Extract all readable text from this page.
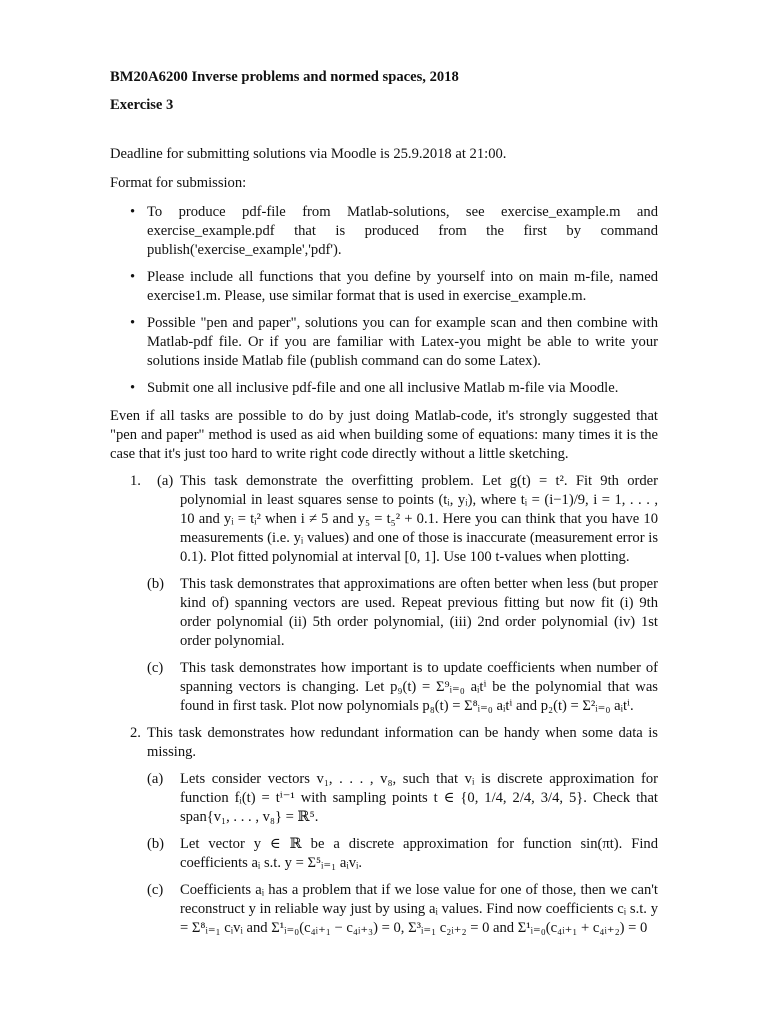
BM20A6200 Inverse problems and normed spaces, 2018
Exercise 3

Deadline for submitting solutions via Moodle is 25.9.2018 at 21:00.

Format for submission:

• To produce pdf-file from Matlab-solutions, see exercise_example.m and exercise_example.pdf that is produced from the first by command publish('exercise_example','pdf').
• Please include all functions that you define by yourself into on main m-file, named exercise1.m. Please, use similar format that is used in exercise_example.m.
• Possible "pen and paper", solutions you can for example scan and then combine with Matlab-pdf file. Or if you are familiar with Latex-you might be able to write your solutions inside Matlab file (publish command can do some Latex).
• Submit one all inclusive pdf-file and one all inclusive Matlab m-file via Moodle.

Even if all tasks are possible to do by just doing Matlab-code, it's strongly suggested that "pen and paper" method is used as aid when building some of equations: many times it is the case that it's just too hard to write right code directly without a little sketching.

1. (a) This task demonstrate the overfitting problem. Let g(t) = t². Fit 9th order polynomial in least squares sense to points (tᵢ, yᵢ), where tᵢ = (i−1)/9, i = 1, . . . , 10 and yᵢ = tᵢ² when i ≠ 5 and y₅ = t₅² + 0.1. Here you can think that you have 10 measurements (i.e. yᵢ values) and one of those is inaccurate (measurement error is 0.1). Plot fitted polynomial at interval [0, 1]. Use 100 t-values when plotting.
(b) This task demonstrates that approximations are often better when less (but proper kind of) spanning vectors are used. Repeat previous fitting but now fit (i) 9th order polynomial (ii) 5th order polynomial, (iii) 2nd order polynomial (iv) 1st order polynomial.
(c) This task demonstrates how important is to update coefficients when number of spanning vectors is changing. Let p₉(t) = Σ⁹ᵢ₌₀ aᵢtⁱ be the polynomial that was found in first task. Plot now polynomials p₈(t) = Σ⁸ᵢ₌₀ aᵢtⁱ and p₂(t) = Σ²ᵢ₌₀ aᵢtⁱ.
2. This task demonstrates how redundant information can be handy when some data is missing.
(a) Lets consider vectors v₁, . . . , v₈, such that vᵢ is discrete approximation for function fᵢ(t) = tⁱ⁻¹ with sampling points t ∈ {0, 1/4, 2/4, 3/4, 5}. Check that span{v₁, . . . , v₈} = ℝ⁵.
(b) Let vector y ∈ ℝ be a discrete approximation for function sin(πt). Find coefficients aᵢ s.t. y = Σ⁵ᵢ₌₁ aᵢvᵢ.
(c) Coefficients aᵢ has a problem that if we lose value for one of those, then we can't reconstruct y in reliable way just by using aᵢ values. Find now coefficients cᵢ s.t. y = Σ⁸ᵢ₌₁ cᵢvᵢ and Σ¹ᵢ₌₀(c₄ᵢ₊₁ − c₄ᵢ₊₃) = 0, Σ³ᵢ₌₁ c₂ᵢ₊₂ = 0 and Σ¹ᵢ₌₀(c₄ᵢ₊₁ + c₄ᵢ₊₂) = 0
